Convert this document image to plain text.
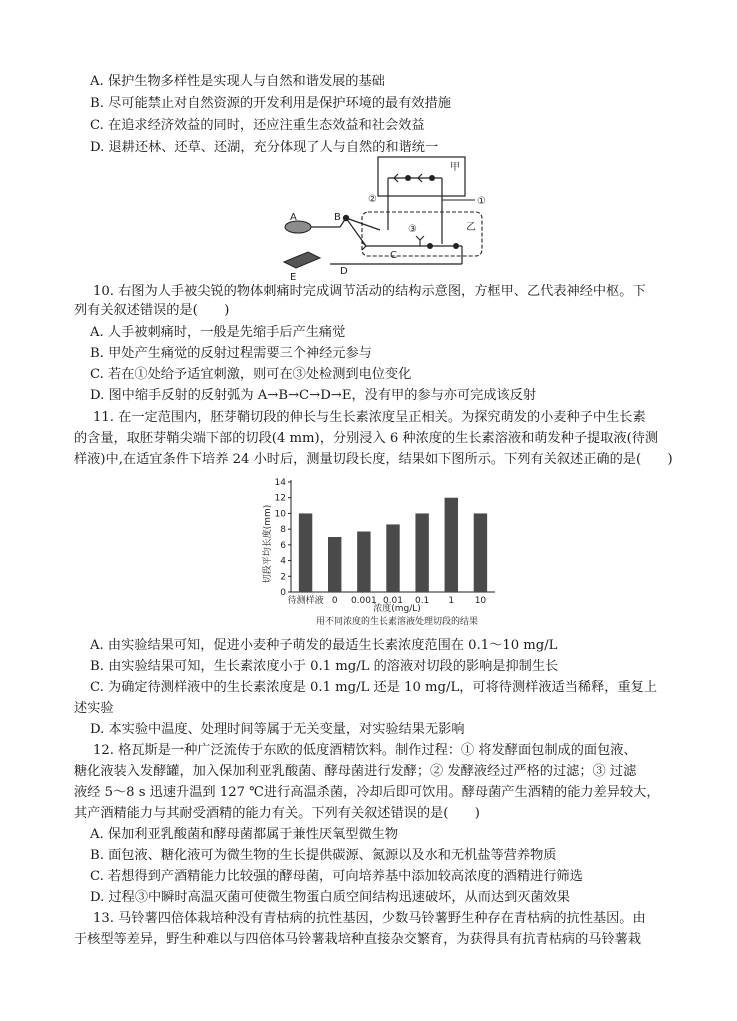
A. 保护生物多样性是实现人与自然和谐发展的基础
B. 尽可能禁止对自然资源的开发利用是保护环境的最有效措施
C. 在追求经济效益的同时，还应注重生态效益和社会效益
D. 退耕还林、还草、还湖，充分体现了人与自然的和谐统一
甲
乙
①
②
③
A	B
C
D
E
10. 右图为人手被尖锐的物体刺痛时完成调节活动的结构示意图，方框甲、乙代表神经中枢。下
列有关叙述错误的是(　　)
A. 人手被刺痛时，一般是先缩手后产生痛觉
B. 甲处产生痛觉的反射过程需要三个神经元参与
C. 若在①处给予适宜刺激，则可在③处检测到电位变化
D. 图中缩手反射的反射弧为 A→B→C→D→E，没有甲的参与亦可完成该反射
11. 在一定范围内，胚芽鞘切段的伸长与生长素浓度呈正相关。为探究萌发的小麦种子中生长素
的含量，取胚芽鞘尖端下部的切段(4 mm)，分别浸入 6 种浓度的生长素溶液和萌发种子提取液(待测
样液)中,在适宜条件下培养 24 小时后，测量切段长度，结果如下图所示。下列有关叙述正确的是(　　)
0
2
4
6
8
10
12
14
待测样液 0 0.001 0.01 0.1 1 10
切段平均长度(mm)
浓度(mg/L)
用不同浓度的生长素溶液处理切段的结果
A. 由实验结果可知，促进小麦种子萌发的最适生长素浓度范围在 0.1～10 mg/L
B. 由实验结果可知，生长素浓度小于 0.1 mg/L 的溶液对切段的影响是抑制生长
C. 为确定待测样液中的生长素浓度是 0.1 mg/L 还是 10 mg/L，可将待测样液适当稀释，重复上
述实验
D. 本实验中温度、处理时间等属于无关变量，对实验结果无影响
12. 格瓦斯是一种广泛流传于东欧的低度酒精饮料。制作过程：① 将发酵面包制成的面包液、
糖化液装入发酵罐，加入保加利亚乳酸菌、酵母菌进行发酵；② 发酵液经过严格的过滤；③ 过滤
液经 5～8 s 迅速升温到 127 ℃进行高温杀菌，冷却后即可饮用。酵母菌产生酒精的能力差异较大，
其产酒精能力与其耐受酒精的能力有关。下列有关叙述错误的是(　　)
A. 保加利亚乳酸菌和酵母菌都属于兼性厌氧型微生物
B. 面包液、糖化液可为微生物的生长提供碳源、氮源以及水和无机盐等营养物质
C. 若想得到产酒精能力比较强的酵母菌，可向培养基中添加较高浓度的酒精进行筛选
D. 过程③中瞬时高温灭菌可使微生物蛋白质空间结构迅速破坏，从而达到灭菌效果
13. 马铃薯四倍体栽培种没有青枯病的抗性基因，少数马铃薯野生种存在青枯病的抗性基因。由
于核型等差异，野生种难以与四倍体马铃薯栽培种直接杂交繁育，为获得具有抗青枯病的马铃薯栽
